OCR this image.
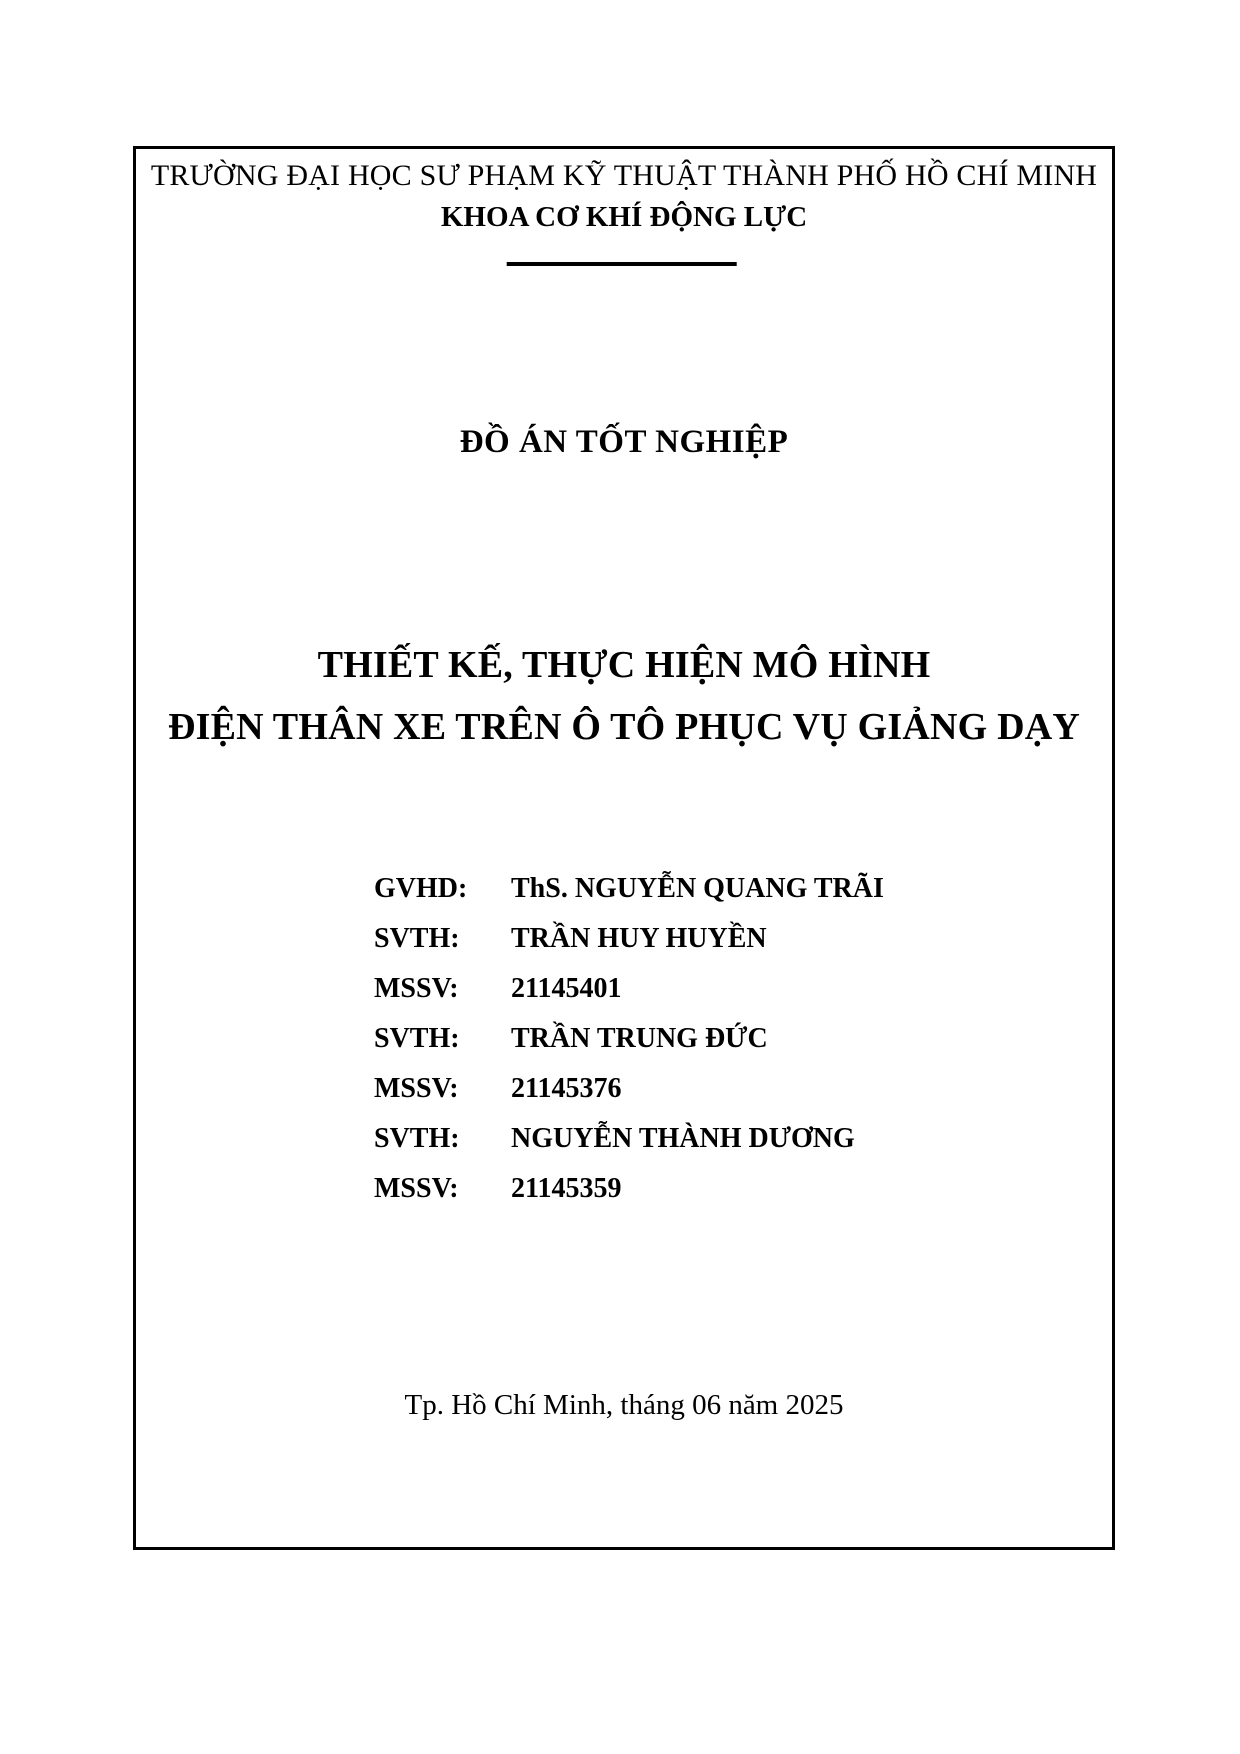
TRƯỜNG ĐẠI HỌC SƯ PHẠM KỸ THUẬT THÀNH PHỐ HỒ CHÍ MINH
KHOA CƠ KHÍ ĐỘNG LỰC
ĐỒ ÁN TỐT NGHIỆP
THIẾT KẾ, THỰC HIỆN MÔ HÌNH
ĐIỆN THÂN XE TRÊN Ô TÔ PHỤC VỤ GIẢNG DẠY
GVHD:	ThS. NGUYỄN QUANG TRÃI
SVTH:	TRẦN HUY HUYỀN
MSSV:	21145401
SVTH:	TRẦN TRUNG ĐỨC
MSSV:	21145376
SVTH:	NGUYỄN THÀNH DƯƠNG
MSSV:	21145359
Tp. Hồ Chí Minh, tháng 06 năm 2025
